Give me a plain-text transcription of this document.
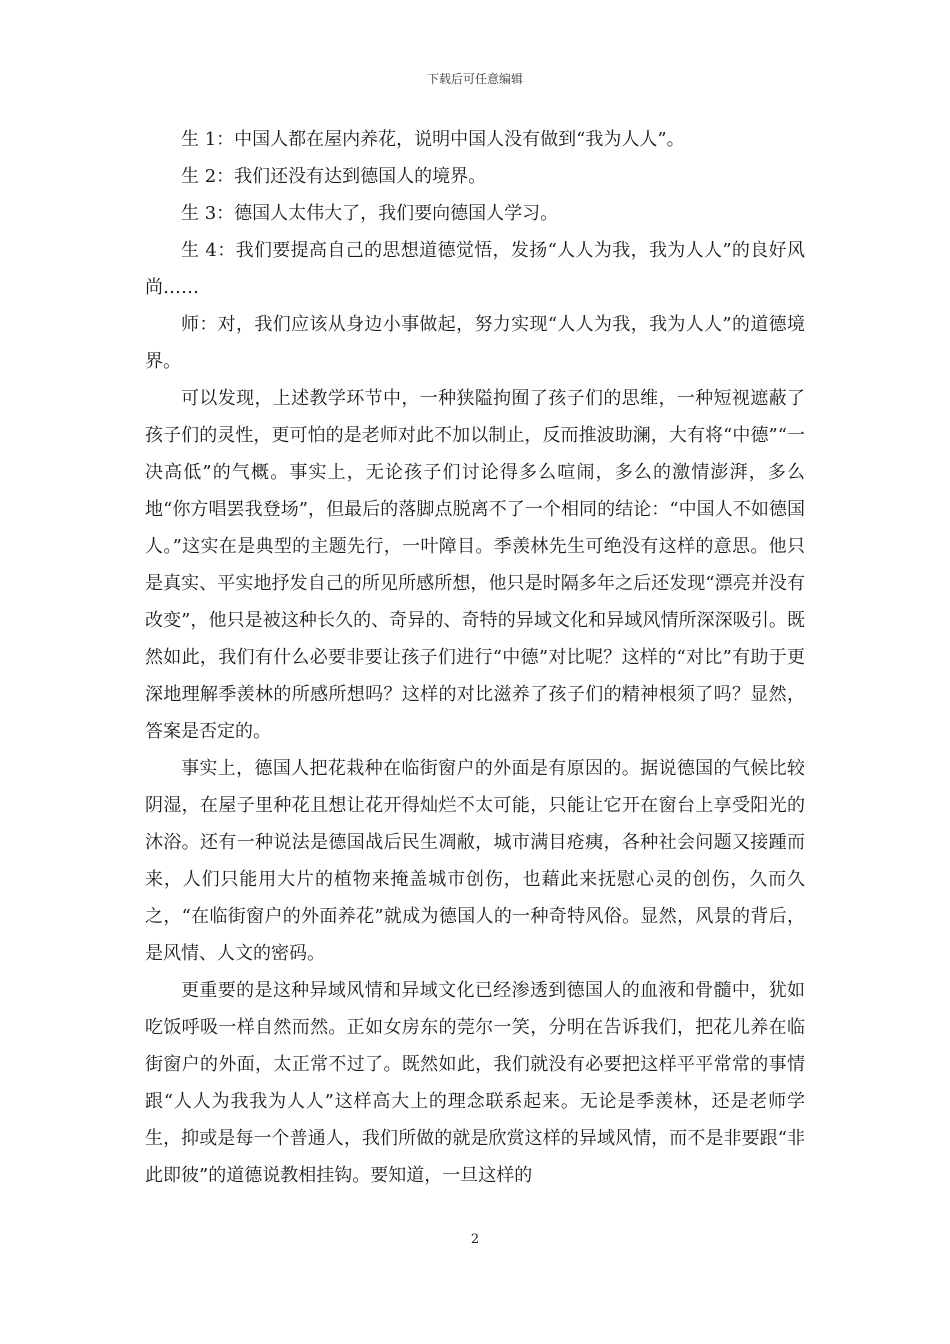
下载后可任意编辑

生 1：中国人都在屋内养花，说明中国人没有做到“我为人人”。

生 2：我们还没有达到德国人的境界。

生 3：德国人太伟大了，我们要向德国人学习。

生 4：我们要提高自己的思想道德觉悟，发扬“人人为我，我为人人”的良好风尚……

师：对，我们应该从身边小事做起，努力实现“人人为我，我为人人”的道德境界。

可以发现，上述教学环节中，一种狭隘拘囿了孩子们的思维，一种短视遮蔽了孩子们的灵性，更可怕的是老师对此不加以制止，反而推波助澜，大有将“中德”“一决高低”的气概。事实上，无论孩子们讨论得多么喧闹，多么的激情澎湃，多么地“你方唱罢我登场”，但最后的落脚点脱离不了一个相同的结论：“中国人不如德国人。”这实在是典型的主题先行，一叶障目。季羡林先生可绝没有这样的意思。他只是真实、平实地抒发自己的所见所感所想，他只是时隔多年之后还发现“漂亮并没有改变”，他只是被这种长久的、奇异的、奇特的异域文化和异域风情所深深吸引。既然如此，我们有什么必要非要让孩子们进行“中德”对比呢？这样的“对比”有助于更深地理解季羡林的所感所想吗？这样的对比滋养了孩子们的精神根须了吗？显然，答案是否定的。

事实上，德国人把花栽种在临街窗户的外面是有原因的。据说德国的气候比较阴湿，在屋子里种花且想让花开得灿烂不太可能，只能让它开在窗台上享受阳光的沐浴。还有一种说法是德国战后民生凋敝，城市满目疮痍，各种社会问题又接踵而来，人们只能用大片的植物来掩盖城市创伤，也藉此来抚慰心灵的创伤，久而久之，“在临街窗户的外面养花”就成为德国人的一种奇特风俗。显然，风景的背后，是风情、人文的密码。

更重要的是这种异域风情和异域文化已经渗透到德国人的血液和骨髓中，犹如吃饭呼吸一样自然而然。正如女房东的莞尔一笑，分明在告诉我们，把花儿养在临街窗户的外面，太正常不过了。既然如此，我们就没有必要把这样平平常常的事情跟“人人为我我为人人”这样高大上的理念联系起来。无论是季羡林，还是老师学生，抑或是每一个普通人，我们所做的就是欣赏这样的异域风情，而不是非要跟“非此即彼”的道德说教相挂钩。要知道，一旦这样的

2
